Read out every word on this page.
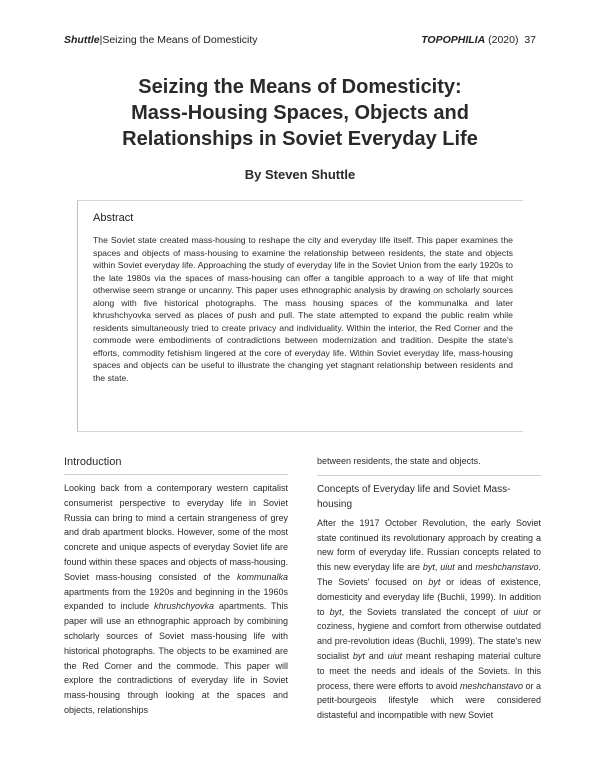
Shuttle|Seizing the Means of Domesticity	TOPOPHILIA (2020) 37
Seizing the Means of Domesticity:
Mass-Housing Spaces, Objects and
Relationships in Soviet Everyday Life
By Steven Shuttle
Abstract
The Soviet state created mass-housing to reshape the city and everyday life itself. This paper examines the spaces and objects of mass-housing to examine the relationship between residents, the state and objects within Soviet everyday life. Approaching the study of everyday life in the Soviet Union from the early 1920s to the late 1980s via the spaces of mass-housing can offer a tangible approach to a way of life that might otherwise seem strange or uncanny. This paper uses ethnographic analysis by drawing on scholarly sources along with five historical photographs. The mass housing spaces of the kommunalka and later khrushchyovka served as places of push and pull. The state attempted to expand the public realm while residents simultaneously tried to create privacy and individuality. Within the interior, the Red Corner and the commode were embodiments of contradictions between modernization and tradition. Despite the state's efforts, commodity fetishism lingered at the core of everyday life. Within Soviet everyday life, mass-housing spaces and objects can be useful to illustrate the changing yet stagnant relationship between residents and the state.
Introduction

Looking back from a contemporary western capitalist consumerist perspective to everyday life in Soviet Russia can bring to mind a certain strangeness of grey and drab apartment blocks. However, some of the most concrete and unique aspects of everyday Soviet life are found within these spaces and objects of mass-housing. Soviet mass-housing consisted of the kommunalka apartments from the 1920s and beginning in the 1960s expanded to include khrushchyovka apartments. This paper will use an ethnographic approach by combining scholarly sources of Soviet mass-housing life with historical photographs. The objects to be examined are the Red Corner and the commode. This paper will explore the contradictions of everyday life in Soviet mass-housing through looking at the spaces and objects, relationships

between residents, the state and objects.

Concepts of Everyday life and Soviet Mass-housing

After the 1917 October Revolution, the early Soviet state continued its revolutionary approach by creating a new form of everyday life. Russian concepts related to this new everyday life are byt, uiut and meshchanstavo. The Soviets' focused on byt or ideas of existence, domesticity and everyday life (Buchli, 1999). In addition to byt, the Soviets translated the concept of uiut or coziness, hygiene and comfort from otherwise outdated and pre-revolution ideas (Buchli, 1999). The state's new socialist byt and uiut meant reshaping material culture to meet the needs and ideals of the Soviets. In this process, there were efforts to avoid meshchanstavo or a petit-bourgeois lifestyle which were considered distasteful and incompatible with new Soviet
